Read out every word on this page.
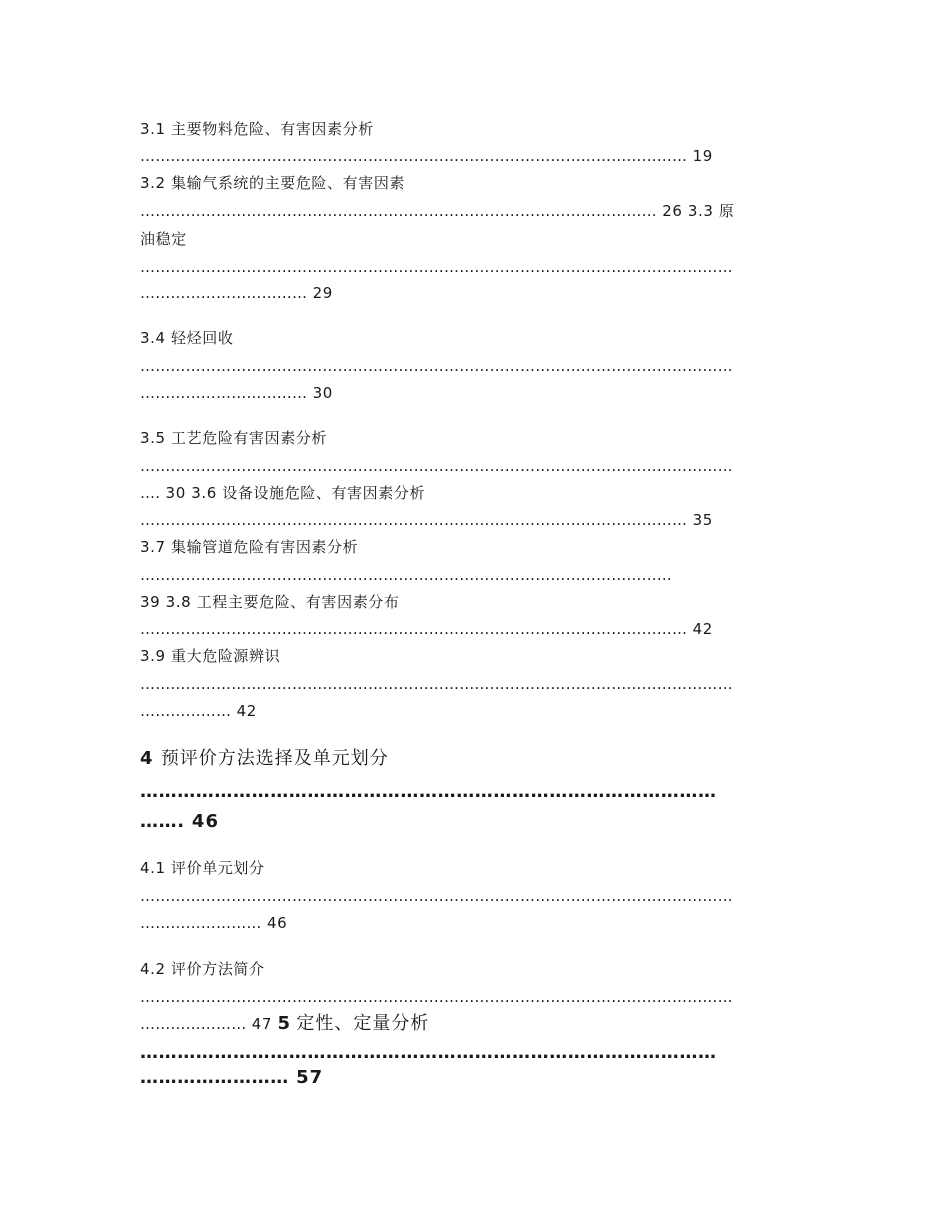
3.1 主要物料危险、有害因素分析
……………………………………………………………………………………………… 19
3.2 集输气系统的主要危险、有害因素
………………………………………………………………………………………… 26 3.3 原
油稳定
………………………………………………………………………………………………………
…………………………… 29
3.4 轻烃回收
………………………………………………………………………………………………………
…………………………… 30
3.5 工艺危险有害因素分析
………………………………………………………………………………………………………
…. 30 3.6 设备设施危险、有害因素分析
……………………………………………………………………………………………… 35
3.7 集输管道危险有害因素分析
……………………………………………………………………………………………
39 3.8 工程主要危险、有害因素分布
……………………………………………………………………………………………… 42
3.9 重大危险源辨识
………………………………………………………………………………………………………
……………… 42
4 预评价方法选择及单元划分
…………………………………………………………………………………
……. 46
4.1 评价单元划分
………………………………………………………………………………………………………
…………………… 46
4.2 评价方法简介
………………………………………………………………………………………………………
………………… 47 5 定性、定量分析
…………………………………………………………………………………
…………………… 57
